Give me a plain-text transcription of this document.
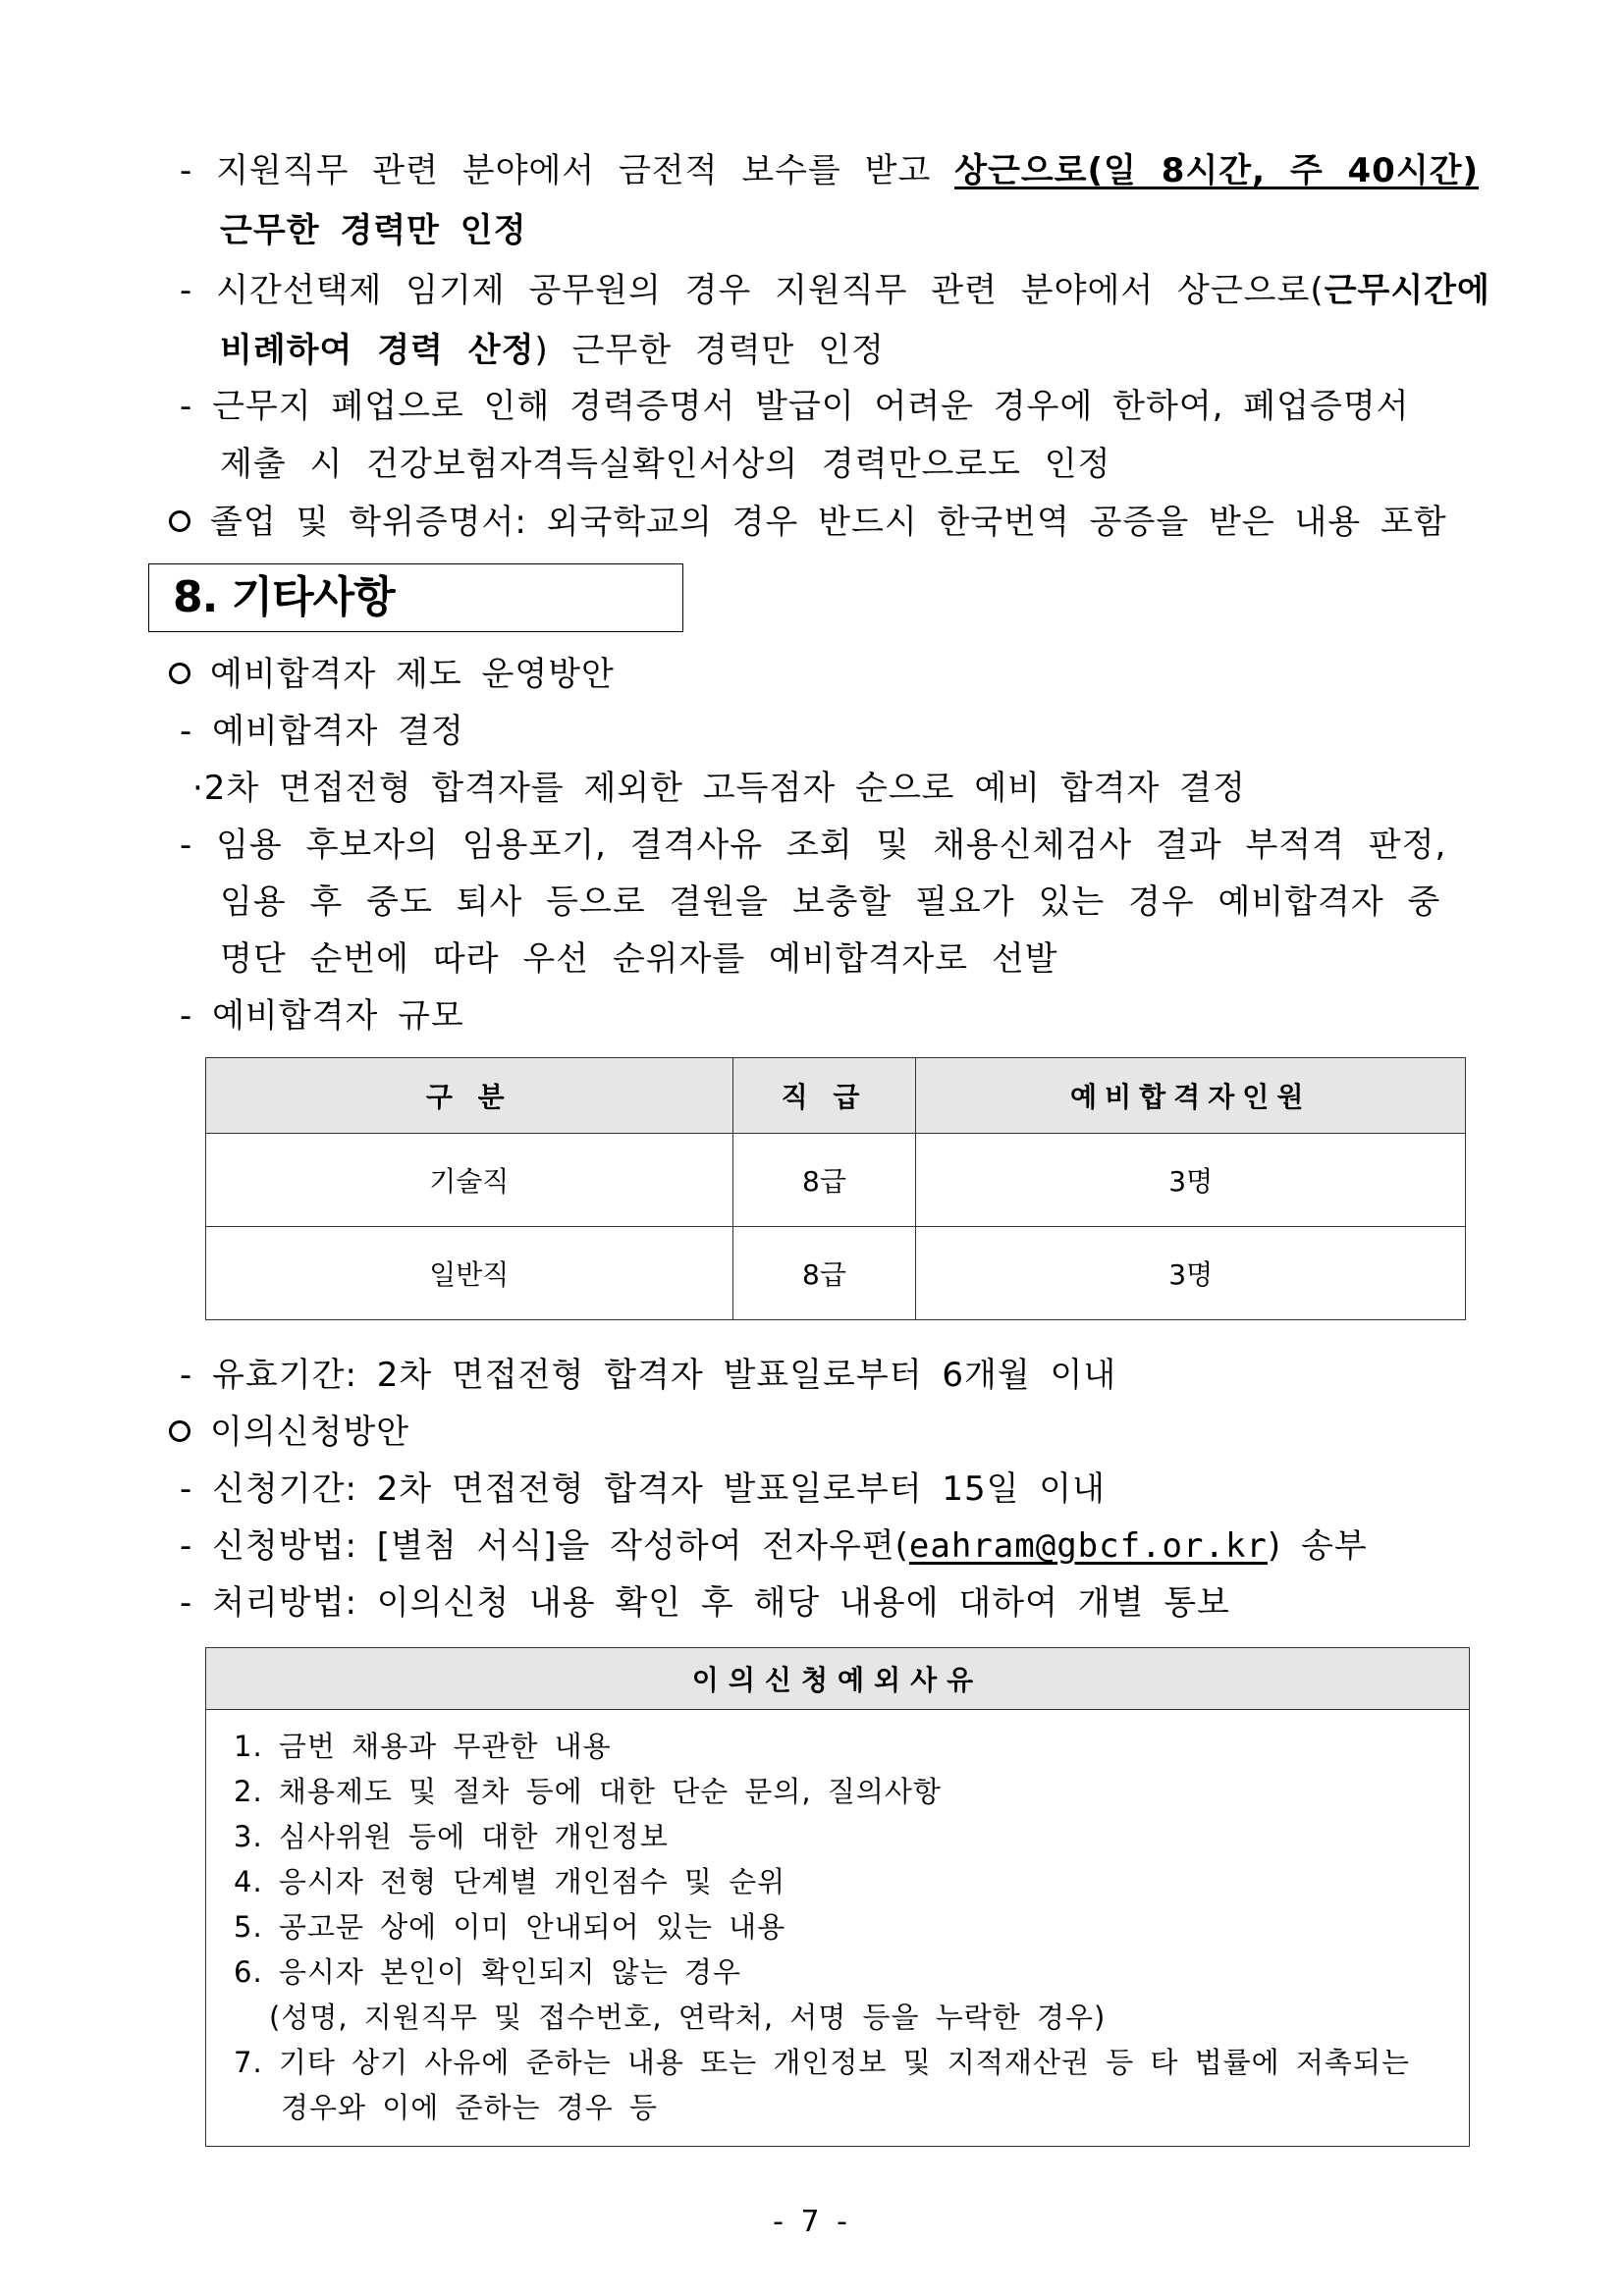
- 지원직무 관련 분야에서 금전적 보수를 받고 상근으로(일 8시간, 주 40시간)
근무한 경력만 인정
- 시간선택제 임기제 공무원의 경우 지원직무 관련 분야에서 상근으로(근무시간에
비례하여 경력 산정) 근무한 경력만 인정
- 근무지 폐업으로 인해 경력증명서 발급이 어려운 경우에 한하여, 폐업증명서
제출 시 건강보험자격득실확인서상의 경력만으로도 인정
졸업 및 학위증명서: 외국학교의 경우 반드시 한국번역 공증을 받은 내용 포함
8. 기타사항
예비합격자 제도 운영방안
- 예비합격자 결정
·2차 면접전형 합격자를 제외한 고득점자 순으로 예비 합격자 결정
- 임용 후보자의 임용포기, 결격사유 조회 및 채용신체검사 결과 부적격 판정,
임용 후 중도 퇴사 등으로 결원을 보충할 필요가 있는 경우 예비합격자 중
명단 순번에 따라 우선 순위자를 예비합격자로 선발
- 예비합격자 규모
구 분	직 급	예비합격자인원
기술직	8급	3명
일반직	8급	3명
- 유효기간: 2차 면접전형 합격자 발표일로부터 6개월 이내
이의신청방안
- 신청기간: 2차 면접전형 합격자 발표일로부터 15일 이내
- 신청방법: [별첨 서식]을 작성하여 전자우편(eahram@gbcf.or.kr) 송부
- 처리방법: 이의신청 내용 확인 후 해당 내용에 대하여 개별 통보
이의신청예외사유

1. 금번 채용과 무관한 내용
2. 채용제도 및 절차 등에 대한 단순 문의, 질의사항
3. 심사위원 등에 대한 개인정보
4. 응시자 전형 단계별 개인점수 및 순위
5. 공고문 상에 이미 안내되어 있는 내용
6. 응시자 본인이 확인되지 않는 경우
(성명, 지원직무 및 접수번호, 연락처, 서명 등을 누락한 경우)
7. 기타 상기 사유에 준하는 내용 또는 개인정보 및 지적재산권 등 타 법률에 저촉되는
경우와 이에 준하는 경우 등
- 7 -
